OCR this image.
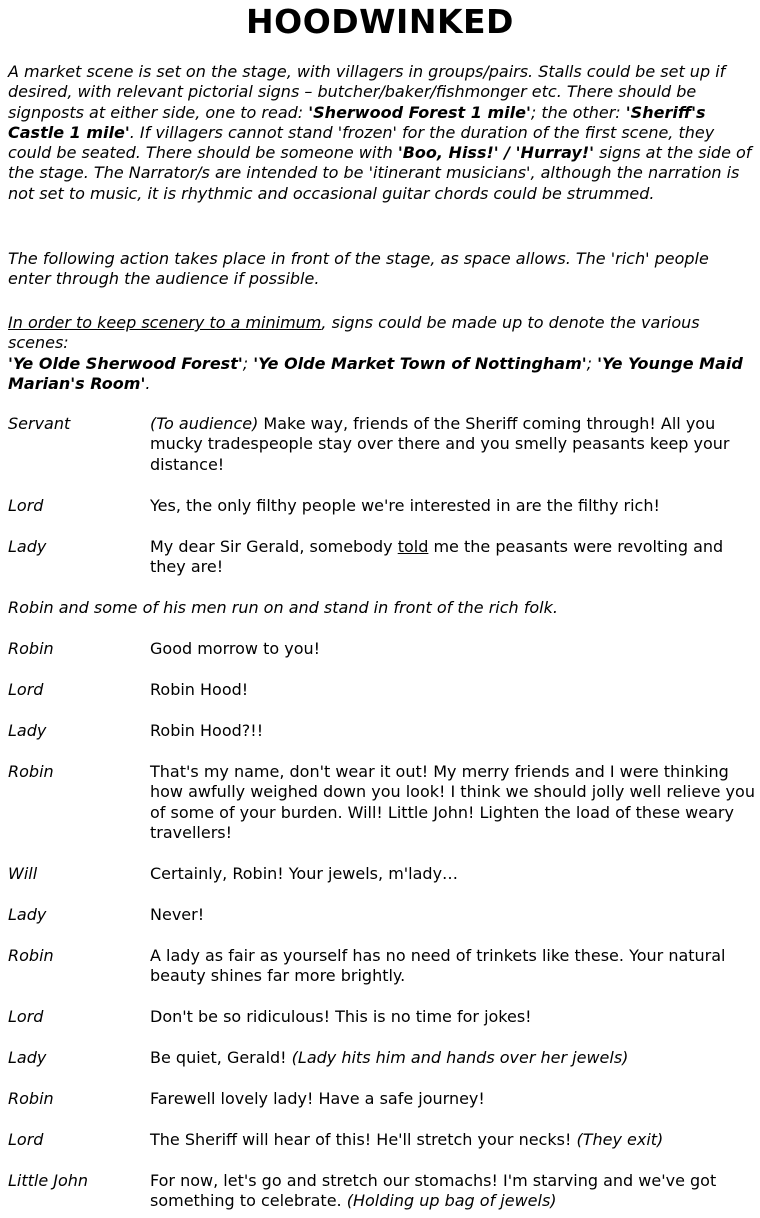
HOODWINKED

A market scene is set on the stage, with villagers in groups/pairs. Stalls could be set up if desired, with relevant pictorial signs – butcher/baker/fishmonger etc. There should be signposts at either side, one to read: 'Sherwood Forest 1 mile'; the other: 'Sheriff's Castle 1 mile'. If villagers cannot stand 'frozen' for the duration of the first scene, they could be seated. There should be someone with 'Boo, Hiss!' / 'Hurray!' signs at the side of the stage. The Narrator/s are intended to be 'itinerant musicians', although the narration is not set to music, it is rhythmic and occasional guitar chords could be strummed.

The following action takes place in front of the stage, as space allows. The 'rich' people enter through the audience if possible.

In order to keep scenery to a minimum, signs could be made up to denote the various scenes:
'Ye Olde Sherwood Forest'; 'Ye Olde Market Town of Nottingham'; 'Ye Younge Maid Marian's Room'.

Servant	(To audience) Make way, friends of the Sheriff coming through! All you mucky tradespeople stay over there and you smelly peasants keep your distance!
Lord	Yes, the only filthy people we're interested in are the filthy rich!
Lady	My dear Sir Gerald, somebody told me the peasants were revolting and they are!
Robin and some of his men run on and stand in front of the rich folk.
Robin	Good morrow to you!
Lord	Robin Hood!
Lady	Robin Hood?!!
Robin	That's my name, don't wear it out! My merry friends and I were thinking how awfully weighed down you look! I think we should jolly well relieve you of some of your burden. Will! Little John! Lighten the load of these weary travellers!
Will	Certainly, Robin! Your jewels, m'lady…
Lady	Never!
Robin	A lady as fair as yourself has no need of trinkets like these. Your natural beauty shines far more brightly.
Lord	Don't be so ridiculous! This is no time for jokes!
Lady	Be quiet, Gerald! (Lady hits him and hands over her jewels)
Robin	Farewell lovely lady! Have a safe journey!
Lord	The Sheriff will hear of this! He'll stretch your necks! (They exit)
Little John	For now, let's go and stretch our stomachs! I'm starving and we've got something to celebrate. (Holding up bag of jewels)
